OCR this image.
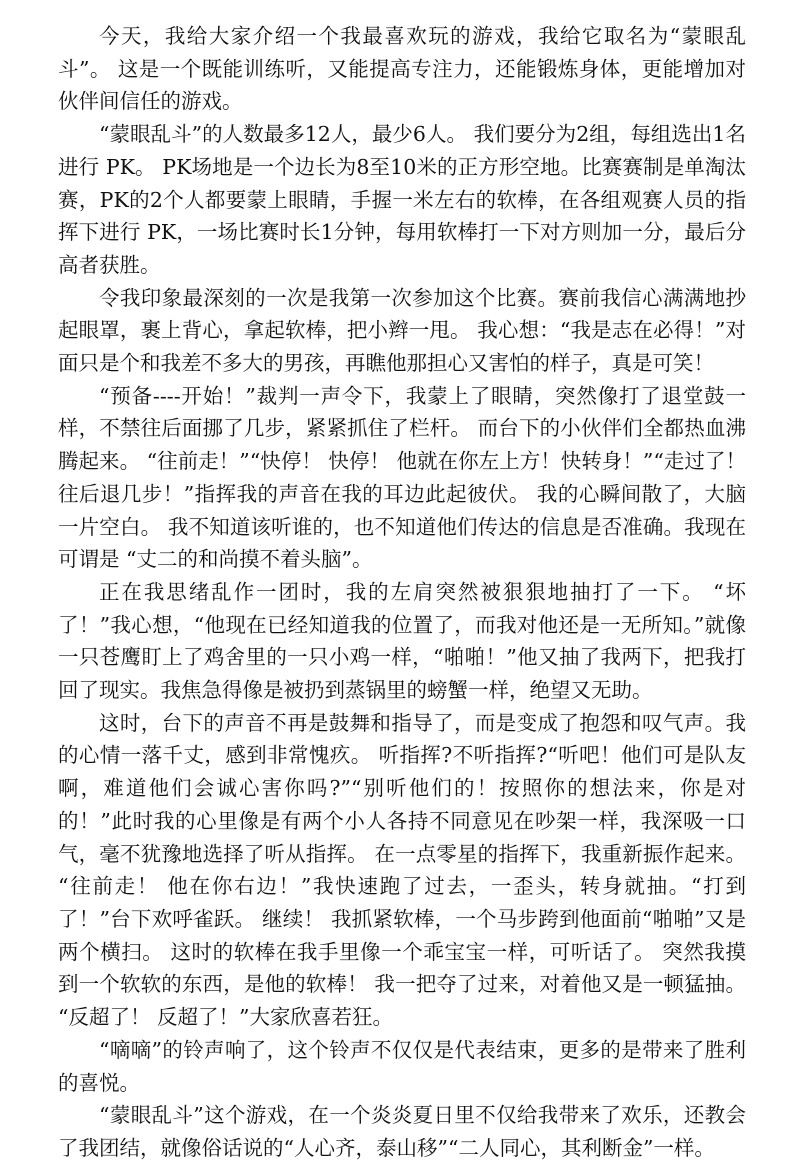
今天，我给大家介绍一个我最喜欢玩的游戏，我给它取名为“蒙眼乱斗”。 这是一个既能训练听，又能提高专注力，还能锻炼身体，更能增加对伙伴间信任的游戏。

“蒙眼乱斗”的人数最多12人，最少6人。 我们要分为2组，每组选出1名进行 PK。 PK场地是一个边长为8至10米的正方形空地。比赛赛制是单淘汰赛，PK的2个人都要蒙上眼睛，手握一米左右的软棒，在各组观赛人员的指挥下进行 PK，一场比赛时长1分钟，每用软棒打一下对方则加一分，最后分高者获胜。

令我印象最深刻的一次是我第一次参加这个比赛。赛前我信心满满地抄起眼罩，裹上背心，拿起软棒，把小辫一甩。 我心想：“我是志在必得！”对面只是个和我差不多大的男孩，再瞧他那担心又害怕的样子，真是可笑！

“预备----开始！”裁判一声令下，我蒙上了眼睛，突然像打了退堂鼓一样，不禁往后面挪了几步，紧紧抓住了栏杆。 而台下的小伙伴们全都热血沸腾起来。 “往前走！”“快停！ 快停！ 他就在你左上方！快转身！”“走过了！往后退几步！”指挥我的声音在我的耳边此起彼伏。 我的心瞬间散了，大脑一片空白。 我不知道该听谁的，也不知道他们传达的信息是否准确。我现在可谓是 “丈二的和尚摸不着头脑”。

正在我思绪乱作一团时，我的左肩突然被狠狠地抽打了一下。 “坏了！”我心想，“他现在已经知道我的位置了，而我对他还是一无所知。”就像一只苍鹰盯上了鸡舍里的一只小鸡一样，“啪啪！”他又抽了我两下，把我打回了现实。我焦急得像是被扔到蒸锅里的螃蟹一样，绝望又无助。

这时，台下的声音不再是鼓舞和指导了，而是变成了抱怨和叹气声。我的心情一落千丈，感到非常愧疚。 听指挥?不听指挥?“听吧！他们可是队友啊，难道他们会诚心害你吗?”“别听他们的！按照你的想法来，你是对的！”此时我的心里像是有两个小人各持不同意见在吵架一样，我深吸一口气，毫不犹豫地选择了听从指挥。 在一点零星的指挥下，我重新振作起来。 “往前走！ 他在你右边！”我快速跑了过去，一歪头，转身就抽。“打到了！”台下欢呼雀跃。 继续！ 我抓紧软棒，一个马步跨到他面前“啪啪”又是两个横扫。 这时的软棒在我手里像一个乖宝宝一样，可听话了。 突然我摸到一个软软的东西，是他的软棒！ 我一把夺了过来，对着他又是一顿猛抽。 “反超了！ 反超了！”大家欣喜若狂。

“嘀嘀”的铃声响了，这个铃声不仅仅是代表结束，更多的是带来了胜利的喜悦。

“蒙眼乱斗”这个游戏，在一个炎炎夏日里不仅给我带来了欢乐，还教会了我团结，就像俗话说的“人心齐，泰山移”“二人同心，其利断金”一样。
